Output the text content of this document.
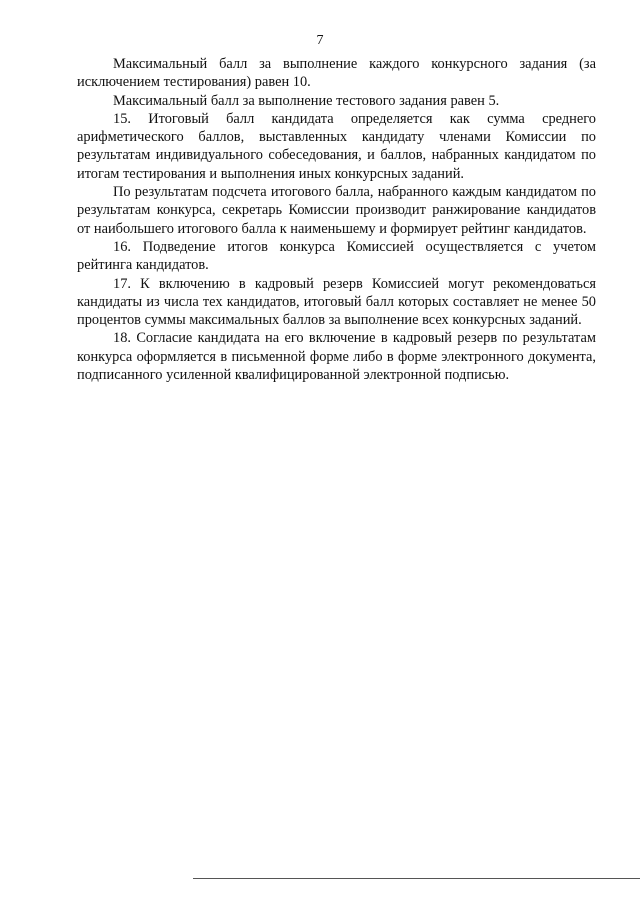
7

Максимальный балл за выполнение каждого конкурсного задания (за исключением тестирования) равен 10.

Максимальный балл за выполнение тестового задания равен 5.

15. Итоговый балл кандидата определяется как сумма среднего арифметического баллов, выставленных кандидату членами Комиссии по результатам индивидуального собеседования, и баллов, набранных кандидатом по итогам тестирования и выполнения иных конкурсных заданий.

По результатам подсчета итогового балла, набранного каждым кандидатом по результатам конкурса, секретарь Комиссии производит ранжирование кандидатов от наибольшего итогового балла к наименьшему и формирует рейтинг кандидатов.

16. Подведение итогов конкурса Комиссией осуществляется с учетом рейтинга кандидатов.

17. К включению в кадровый резерв Комиссией могут рекомендоваться кандидаты из числа тех кандидатов, итоговый балл которых составляет не менее 50 процентов суммы максимальных баллов за выполнение всех конкурсных заданий.

18. Согласие кандидата на его включение в кадровый резерв по результатам конкурса оформляется в письменной форме либо в форме электронного документа, подписанного усиленной квалифицированной электронной подписью.
